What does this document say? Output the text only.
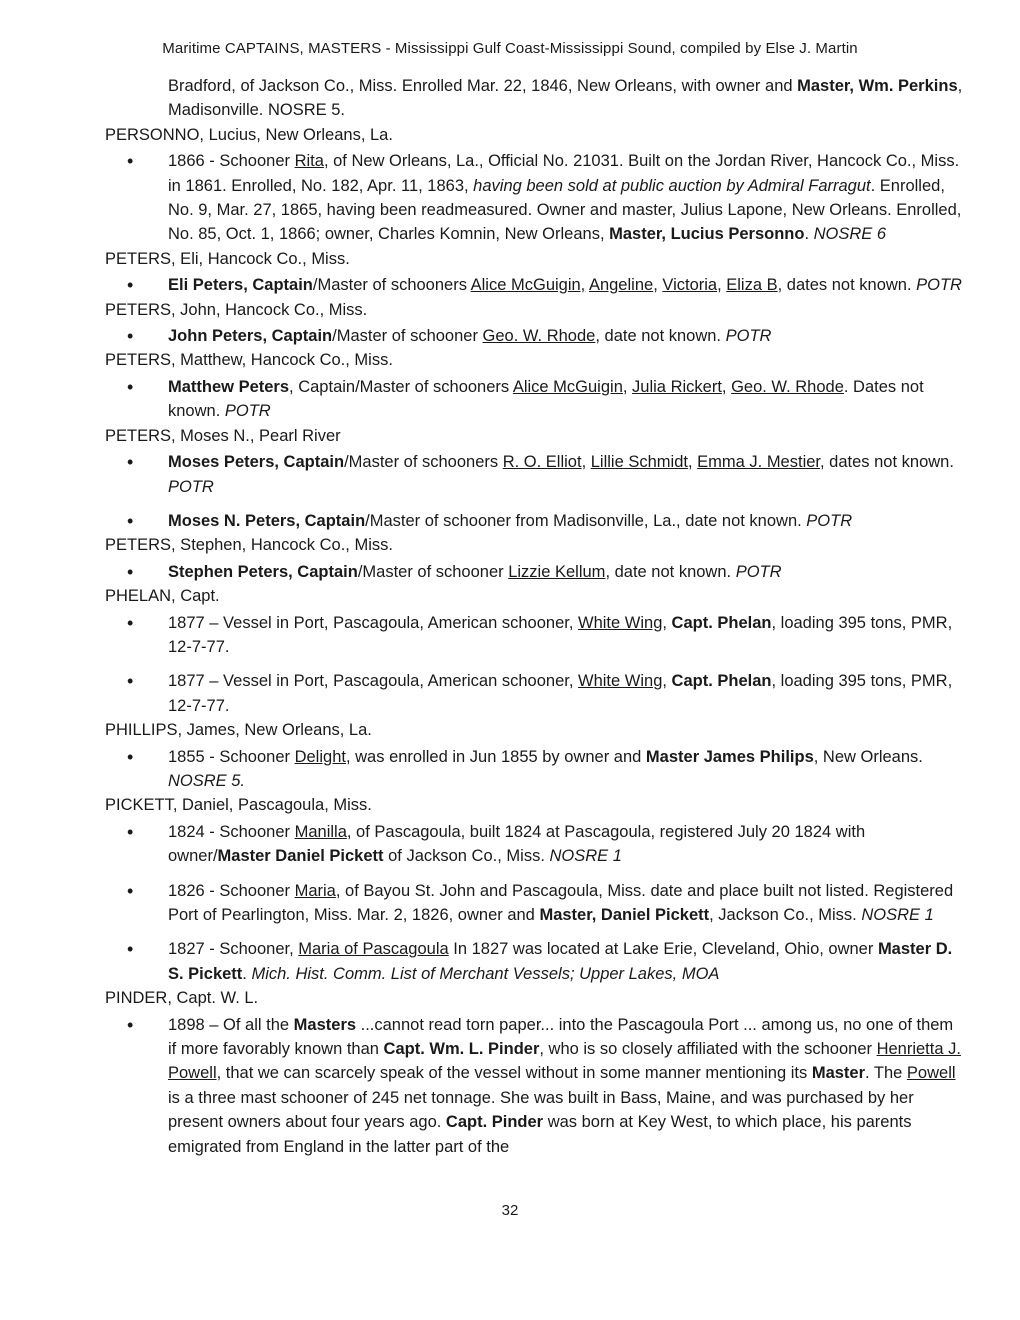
Maritime CAPTAINS, MASTERS - Mississippi Gulf Coast-Mississippi Sound, compiled by Else J. Martin
Bradford, of Jackson Co., Miss. Enrolled Mar. 22, 1846, New Orleans, with owner and Master, Wm. Perkins, Madisonville. NOSRE 5.
PERSONNO, Lucius, New Orleans, La.
• 1866 - Schooner Rita, of New Orleans, La., Official No. 21031. Built on the Jordan River, Hancock Co., Miss. in 1861. Enrolled, No. 182, Apr. 11, 1863, having been sold at public auction by Admiral Farragut. Enrolled, No. 9, Mar. 27, 1865, having been readmeasured. Owner and master, Julius Lapone, New Orleans. Enrolled, No. 85, Oct. 1, 1866; owner, Charles Komnin, New Orleans, Master, Lucius Personno. NOSRE 6
PETERS, Eli, Hancock Co., Miss.
• Eli Peters, Captain/Master of schooners Alice McGuigin, Angeline, Victoria, Eliza B, dates not known. POTR
PETERS, John, Hancock Co., Miss.
• John Peters, Captain/Master of schooner Geo. W. Rhode, date not known. POTR
PETERS, Matthew, Hancock Co., Miss.
• Matthew Peters, Captain/Master of schooners Alice McGuigin, Julia Rickert, Geo. W. Rhode. Dates not known. POTR
PETERS, Moses N., Pearl River
• Moses Peters, Captain/Master of schooners R. O. Elliot, Lillie Schmidt, Emma J. Mestier, dates not known. POTR
• Moses N. Peters, Captain/Master of schooner from Madisonville, La., date not known. POTR
PETERS, Stephen, Hancock Co., Miss.
• Stephen Peters, Captain/Master of schooner Lizzie Kellum, date not known. POTR
PHELAN, Capt.
• 1877 – Vessel in Port, Pascagoula, American schooner, White Wing, Capt. Phelan, loading 395 tons, PMR, 12-7-77.
• 1877 – Vessel in Port, Pascagoula, American schooner, White Wing, Capt. Phelan, loading 395 tons, PMR, 12-7-77.
PHILLIPS, James, New Orleans, La.
• 1855 - Schooner Delight, was enrolled in Jun 1855 by owner and Master James Philips, New Orleans. NOSRE 5.
PICKETT, Daniel, Pascagoula, Miss.
• 1824 - Schooner Manilla, of Pascagoula, built 1824 at Pascagoula, registered July 20 1824 with owner/Master Daniel Pickett of Jackson Co., Miss. NOSRE 1
• 1826 - Schooner Maria, of Bayou St. John and Pascagoula, Miss. date and place built not listed. Registered Port of Pearlington, Miss. Mar. 2, 1826, owner and Master, Daniel Pickett, Jackson Co., Miss. NOSRE 1
• 1827 - Schooner, Maria of Pascagoula In 1827 was located at Lake Erie, Cleveland, Ohio, owner Master D. S. Pickett. Mich. Hist. Comm. List of Merchant Vessels; Upper Lakes, MOA
PINDER, Capt. W. L.
• 1898 – Of all the Masters ...cannot read torn paper... into the Pascagoula Port ... among us, no one of them if more favorably known than Capt. Wm. L. Pinder, who is so closely affiliated with the schooner Henrietta J. Powell, that we can scarcely speak of the vessel without in some manner mentioning its Master. The Powell is a three mast schooner of 245 net tonnage. She was built in Bass, Maine, and was purchased by her present owners about four years ago. Capt. Pinder was born at Key West, to which place, his parents emigrated from England in the latter part of the
32
